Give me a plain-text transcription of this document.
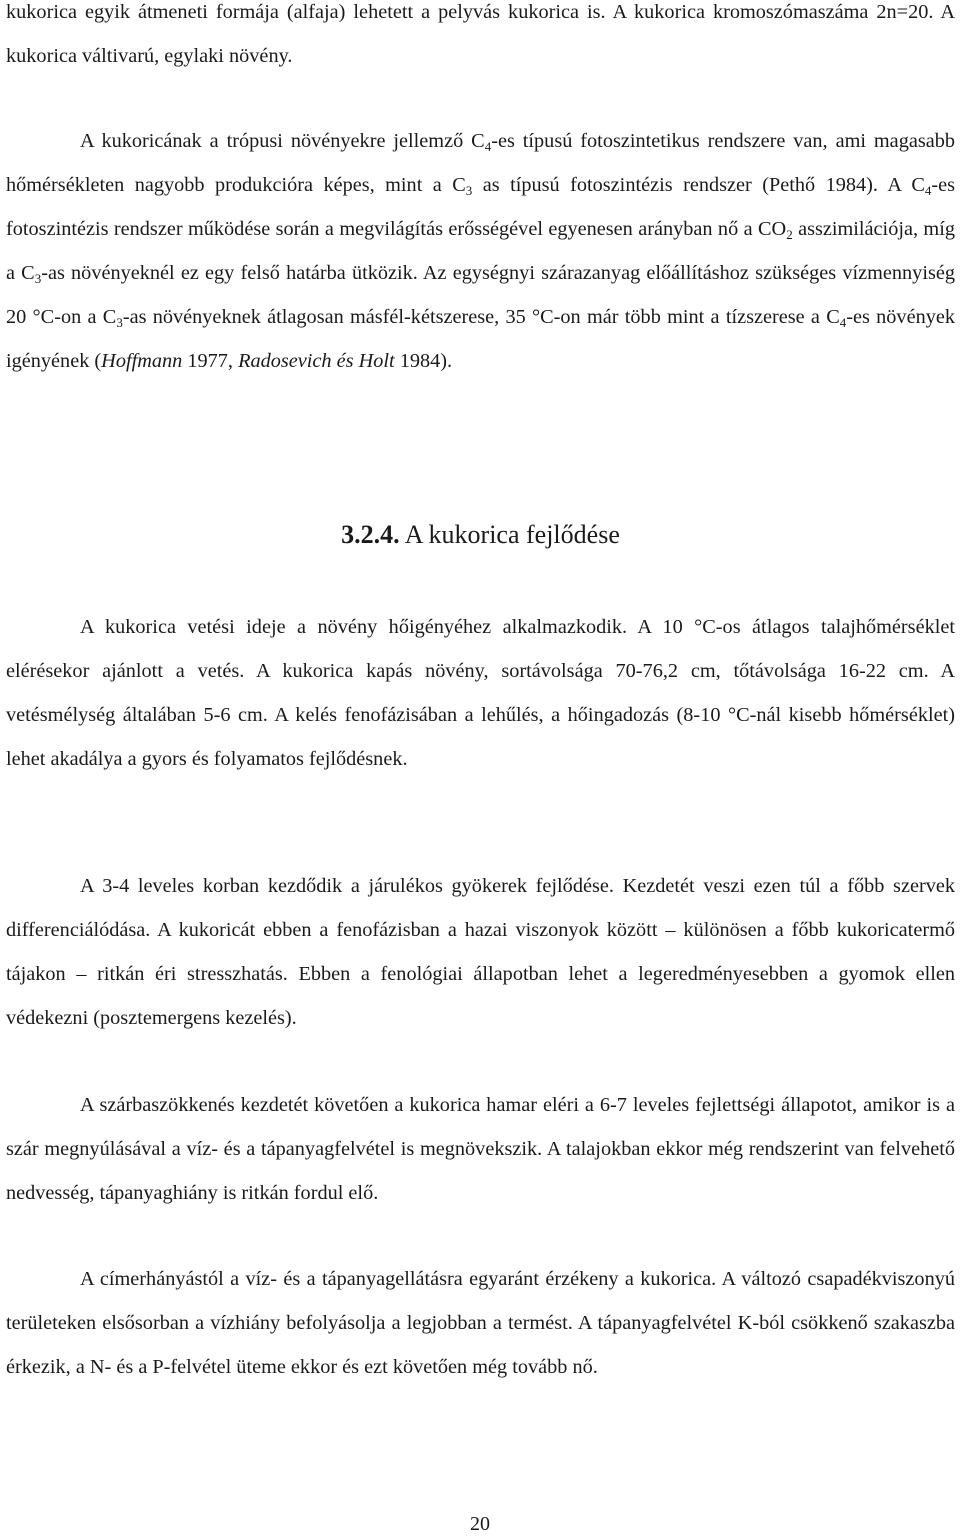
kukorica egyik átmeneti formája (alfaja) lehetett a pelyvás kukorica is. A kukorica kromoszómaszáma 2n=20. A kukorica váltivarú, egylaki növény.

A kukoricának a trópusi növényekre jellemző $C_4-es$ típusú fotoszintetikus rendszere van, ami magasabb hőmérsékleten nagyobb produkcióra képes, mint a $C_3$ as típusú fotoszintézis rendszer (Pethő 1984). A $C_4-es$ fotoszintézis rendszer működése során a megvilágítás erősségével egyenesen arányban nő a $CO_2$ asszimilációja, míg a $C_3-as$ növényeknél ez egy felső határba ütközik. Az egységnyi szárazanyag előállításhoz szükséges vízmennyiség 20 °C-on a $C_3-as$ növényeknek átlagosan másfél-kétszerese, 35 °C-on már több mint a tízszerese a $C_4-es$ növények igényének (Hoffmann 1977, Radosevich és Holt 1984).

3.2.4. A kukorica fejlődése

A kukorica vetési ideje a növény hőigényéhez alkalmazkodik. A 10 °C-os átlagos talajhőmérséklet elérésekor ajánlott a vetés. A kukorica kapás növény, sortávolsága 70-76,2 cm, tőtávolsága 16-22 cm. A vetésmélység általában 5-6 cm. A kelés fenofázisában a lehűlés, a hőingadozás (8-10 °C-nál kisebb hőmérséklet) lehet akadálya a gyors és folyamatos fejlődésnek.

A 3-4 leveles korban kezdődik a járulékos gyökerek fejlődése. Kezdetét veszi ezen túl a főbb szervek differenciálódása. A kukoricát ebben a fenofázisban a hazai viszonyok között – különösen a főbb kukoricatermő tájakon – ritkán éri stresszhatás. Ebben a fenológiai állapotban lehet a legeredményesebben a gyomok ellen védekezni (posztemergens kezelés).

A szárbaszökkenés kezdetét követően a kukorica hamar eléri a 6-7 leveles fejlettségi állapotot, amikor is a szár megnyúlásával a víz- és a tápanyagfelvétel is megnövekszik. A talajokban ekkor még rendszerint van felvehető nedvesség, tápanyaghiány is ritkán fordul elő.

A címerhányástól a víz- és a tápanyagellátásra egyaránt érzékeny a kukorica. A változó csapadékviszonyú területeken elsősorban a vízhiány befolyásolja a legjobban a termést. A tápanyagfelvétel K-ból csökkenő szakaszba érkezik, a N- és a P-felvétel üteme ekkor és ezt követően még tovább nő.

20
